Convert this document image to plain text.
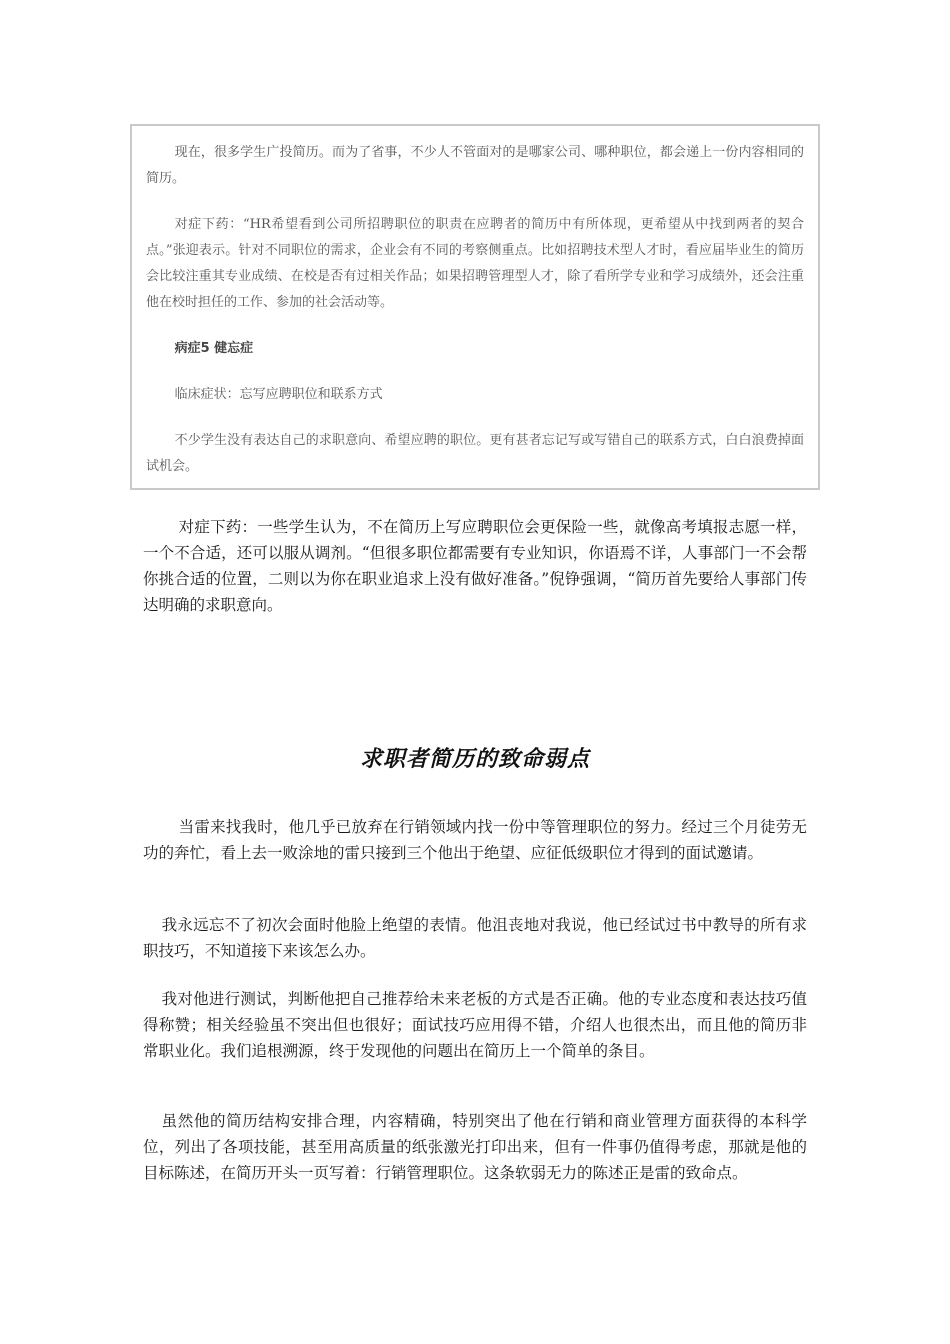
现在，很多学生广投简历。而为了省事，不少人不管面对的是哪家公司、哪种职位，都会递上一份内容相同的简历。

对症下药：“HR希望看到公司所招聘职位的职责在应聘者的简历中有所体现，更希望从中找到两者的契合点。”张迎表示。针对不同职位的需求，企业会有不同的考察侧重点。比如招聘技术型人才时，看应届毕业生的简历会比较注重其专业成绩、在校是否有过相关作品；如果招聘管理型人才，除了看所学专业和学习成绩外，还会注重他在校时担任的工作、参加的社会活动等。

病症5 健忘症

临床症状：忘写应聘职位和联系方式

不少学生没有表达自己的求职意向、希望应聘的职位。更有甚者忘记写或写错自己的联系方式，白白浪费掉面试机会。

对症下药：一些学生认为，不在简历上写应聘职位会更保险一些，就像高考填报志愿一样，一个不合适，还可以服从调剂。“但很多职位都需要有专业知识，你语焉不详，人事部门一不会帮你挑合适的位置，二则以为你在职业追求上没有做好准备。”倪铮强调，“简历首先要给人事部门传达明确的求职意向。

求职者简历的致命弱点

当雷来找我时，他几乎已放弃在行销领域内找一份中等管理职位的努力。经过三个月徒劳无功的奔忙，看上去一败涂地的雷只接到三个他出于绝望、应征低级职位才得到的面试邀请。

我永远忘不了初次会面时他脸上绝望的表情。他沮丧地对我说，他已经试过书中教导的所有求职技巧，不知道接下来该怎么办。

我对他进行测试，判断他把自己推荐给未来老板的方式是否正确。他的专业态度和表达技巧值得称赞；相关经验虽不突出但也很好；面试技巧应用得不错，介绍人也很杰出，而且他的简历非常职业化。我们追根溯源，终于发现他的问题出在简历上一个简单的条目。

虽然他的简历结构安排合理，内容精确，特别突出了他在行销和商业管理方面获得的本科学位，列出了各项技能，甚至用高质量的纸张激光打印出来，但有一件事仍值得考虑，那就是他的目标陈述，在简历开头一页写着：行销管理职位。这条软弱无力的陈述正是雷的致命点。
